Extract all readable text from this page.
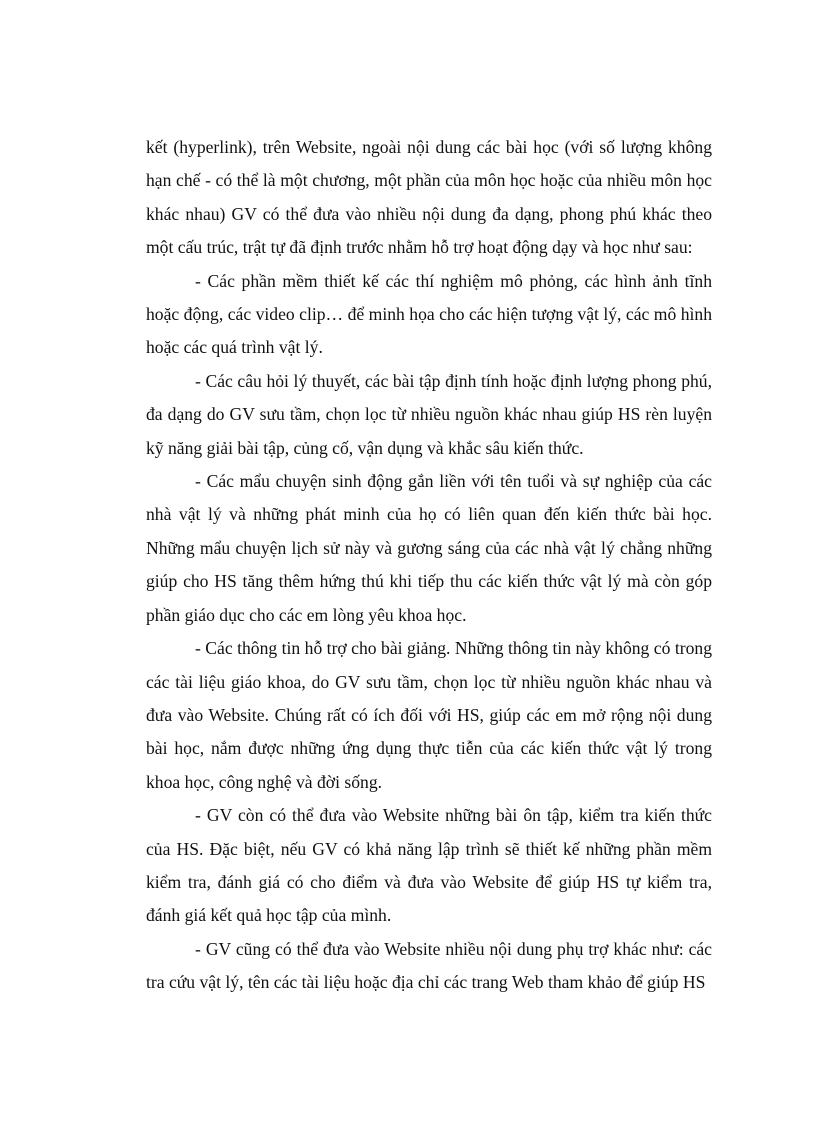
kết (hyperlink), trên Website, ngoài nội dung các bài học (với số lượng không hạn chế - có thể là một chương, một phần của môn học hoặc của nhiều môn học khác nhau) GV có thể đưa vào nhiều nội dung đa dạng, phong phú khác theo một cấu trúc, trật tự đã định trước nhằm hỗ trợ hoạt động dạy và học như sau:

- Các phần mềm thiết kế các thí nghiệm mô phỏng, các hình ảnh tĩnh hoặc động, các video clip… để minh họa cho các hiện tượng vật lý, các mô hình hoặc các quá trình vật lý.

- Các câu hỏi lý thuyết, các bài tập định tính hoặc định lượng phong phú, đa dạng do GV sưu tầm, chọn lọc từ nhiều nguồn khác nhau giúp HS rèn luyện kỹ năng giải bài tập, củng cố, vận dụng và khắc sâu kiến thức.

- Các mẩu chuyện sinh động gắn liền với tên tuổi và sự nghiệp của các nhà vật lý và những phát minh của họ có liên quan đến kiến thức bài học. Những mẩu chuyện lịch sử này và gương sáng của các nhà vật lý chẳng những giúp cho HS tăng thêm hứng thú khi tiếp thu các kiến thức vật lý mà còn góp phần giáo dục cho các em lòng yêu khoa học.

- Các thông tin hỗ trợ cho bài giảng. Những thông tin này không có trong các tài liệu giáo khoa, do GV sưu tầm, chọn lọc từ nhiều nguồn khác nhau và đưa vào Website. Chúng rất có ích đối với HS, giúp các em mở rộng nội dung bài học, nắm được những ứng dụng thực tiễn của các kiến thức vật lý trong khoa học, công nghệ và đời sống.

- GV còn có thể đưa vào Website những bài ôn tập, kiểm tra kiến thức của HS. Đặc biệt, nếu GV có khả năng lập trình sẽ thiết kế những phần mềm kiểm tra, đánh giá có cho điểm và đưa vào Website để giúp HS tự kiểm tra, đánh giá kết quả học tập của mình.

- GV cũng có thể đưa vào Website nhiều nội dung phụ trợ khác như: các tra cứu vật lý, tên các tài liệu hoặc địa chỉ các trang Web tham khảo để giúp HS
